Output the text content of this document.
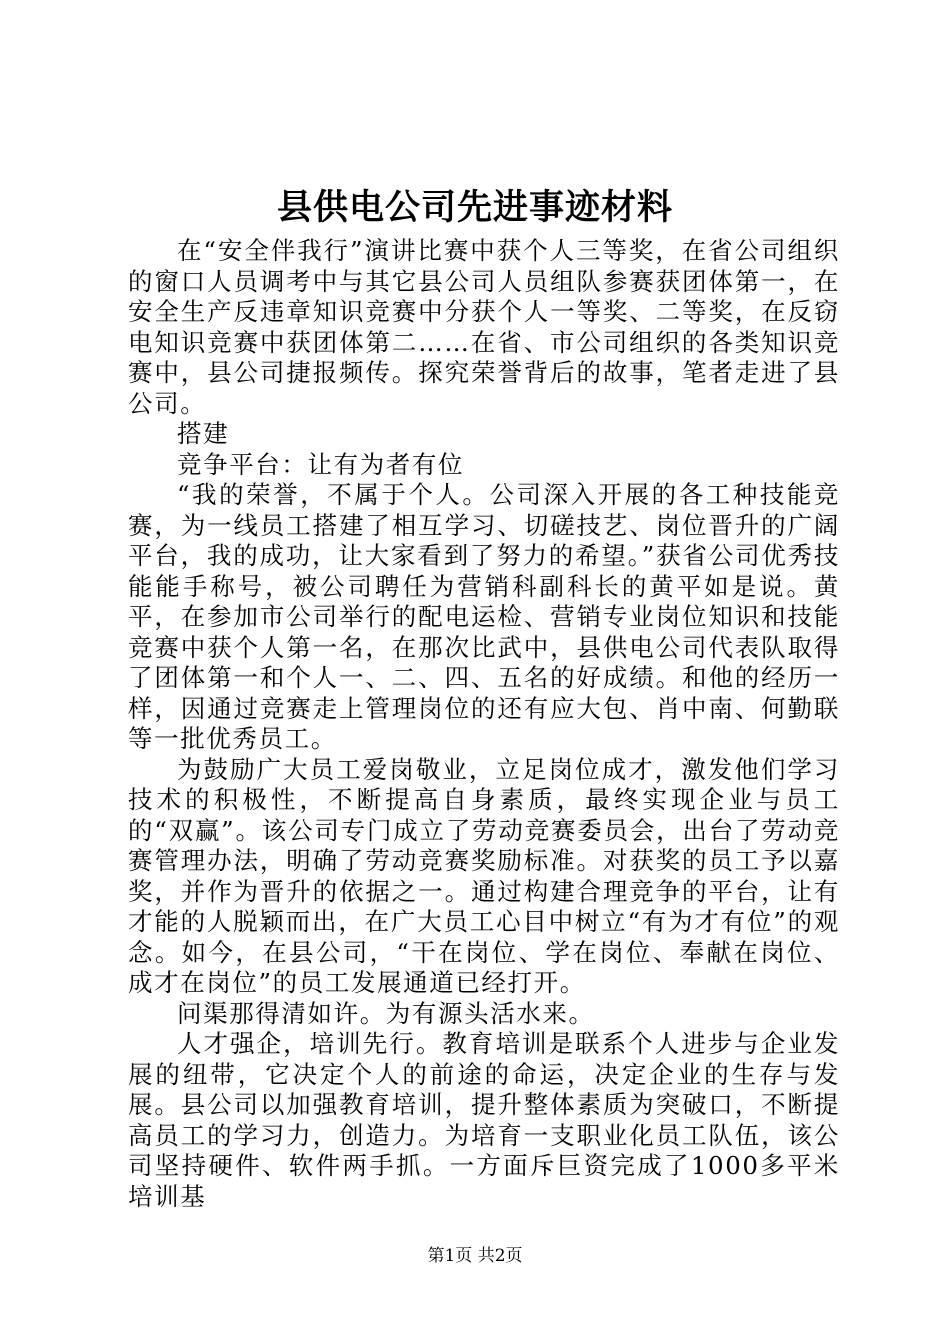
县供电公司先进事迹材料

在“安全伴我行”演讲比赛中获个人三等奖，在省公司组织的窗口人员调考中与其它县公司人员组队参赛获团体第一，在安全生产反违章知识竞赛中分获个人一等奖、二等奖，在反窃电知识竞赛中获团体第二……在省、市公司组织的各类知识竞赛中，县公司捷报频传。探究荣誉背后的故事，笔者走进了县公司。

搭建

竞争平台：让有为者有位

“我的荣誉，不属于个人。公司深入开展的各工种技能竞赛，为一线员工搭建了相互学习、切磋技艺、岗位晋升的广阔平台，我的成功，让大家看到了努力的希望。”获省公司优秀技能能手称号，被公司聘任为营销科副科长的黄平如是说。黄平，在参加市公司举行的配电运检、营销专业岗位知识和技能竞赛中获个人第一名，在那次比武中，县供电公司代表队取得了团体第一和个人一、二、四、五名的好成绩。和他的经历一样，因通过竞赛走上管理岗位的还有应大包、肖中南、何勤联等一批优秀员工。

为鼓励广大员工爱岗敬业，立足岗位成才，激发他们学习技术的积极性，不断提高自身素质，最终实现企业与员工的“双赢”。该公司专门成立了劳动竞赛委员会，出台了劳动竞赛管理办法，明确了劳动竞赛奖励标准。对获奖的员工予以嘉奖，并作为晋升的依据之一。通过构建合理竞争的平台，让有才能的人脱颖而出，在广大员工心目中树立“有为才有位”的观念。如今，在县公司，“干在岗位、学在岗位、奉献在岗位、成才在岗位”的员工发展通道已经打开。

问渠那得清如许。为有源头活水来。

人才强企，培训先行。教育培训是联系个人进步与企业发展的纽带，它决定个人的前途的命运，决定企业的生存与发展。县公司以加强教育培训，提升整体素质为突破口，不断提高员工的学习力，创造力。为培育一支职业化员工队伍，该公司坚持硬件、软件两手抓。一方面斥巨资完成了1000多平米培训基

第1页 共2页
